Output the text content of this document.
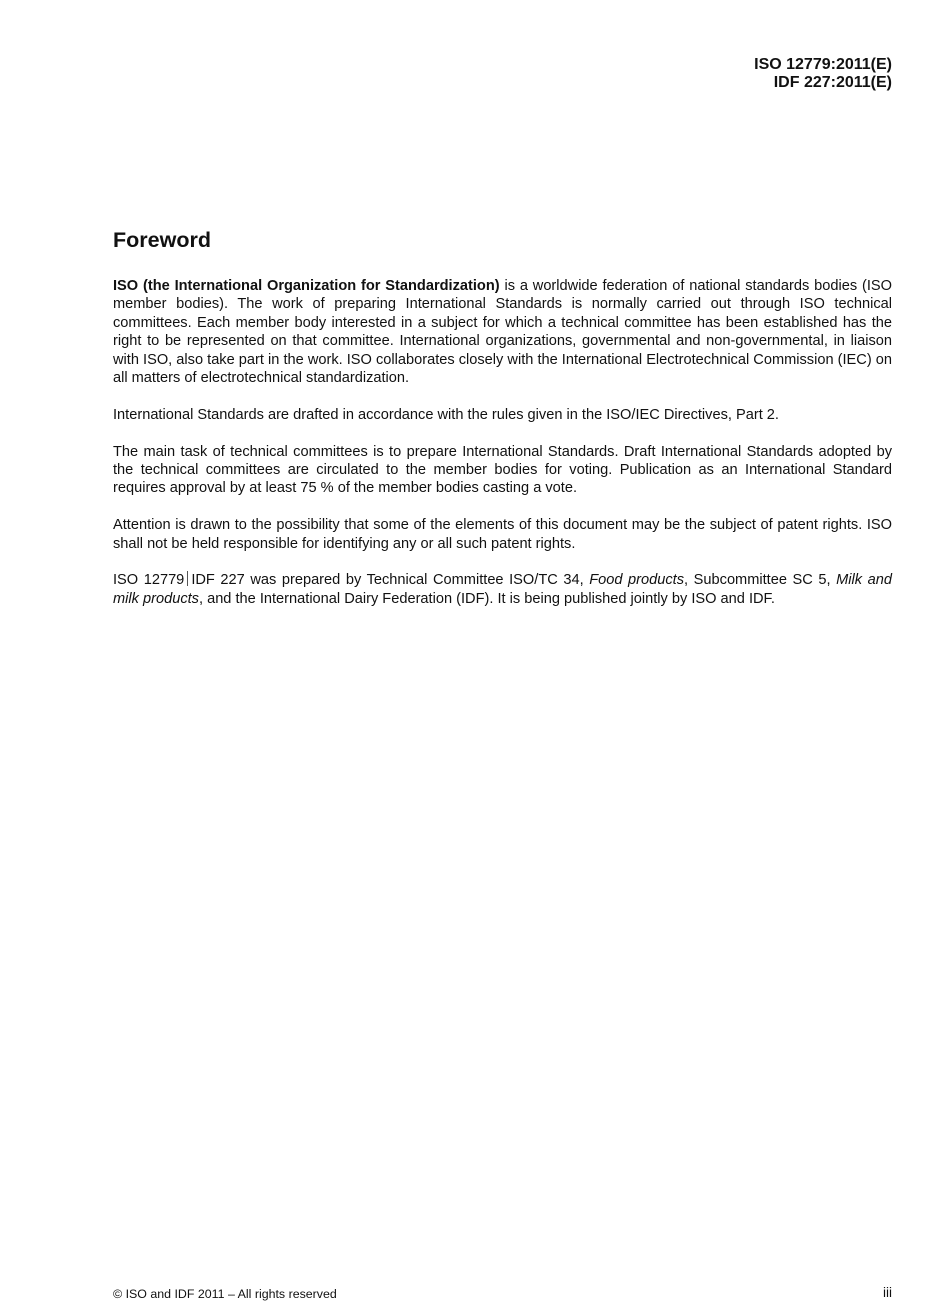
ISO 12779:2011(E)
IDF 227:2011(E)
Foreword

ISO (the International Organization for Standardization) is a worldwide federation of national standards bodies (ISO member bodies). The work of preparing International Standards is normally carried out through ISO technical committees. Each member body interested in a subject for which a technical committee has been established has the right to be represented on that committee. International organizations, governmental and non-governmental, in liaison with ISO, also take part in the work. ISO collaborates closely with the International Electrotechnical Commission (IEC) on all matters of electrotechnical standardization.

International Standards are drafted in accordance with the rules given in the ISO/IEC Directives, Part 2.

The main task of technical committees is to prepare International Standards. Draft International Standards adopted by the technical committees are circulated to the member bodies for voting. Publication as an International Standard requires approval by at least 75 % of the member bodies casting a vote.

Attention is drawn to the possibility that some of the elements of this document may be the subject of patent rights. ISO shall not be held responsible for identifying any or all such patent rights.

ISO 12779 IDF 227 was prepared by Technical Committee ISO/TC 34, Food products, Subcommittee SC 5, Milk and milk products, and the International Dairy Federation (IDF). It is being published jointly by ISO and IDF.

© ISO and IDF 2011 – All rights reserved	iii
